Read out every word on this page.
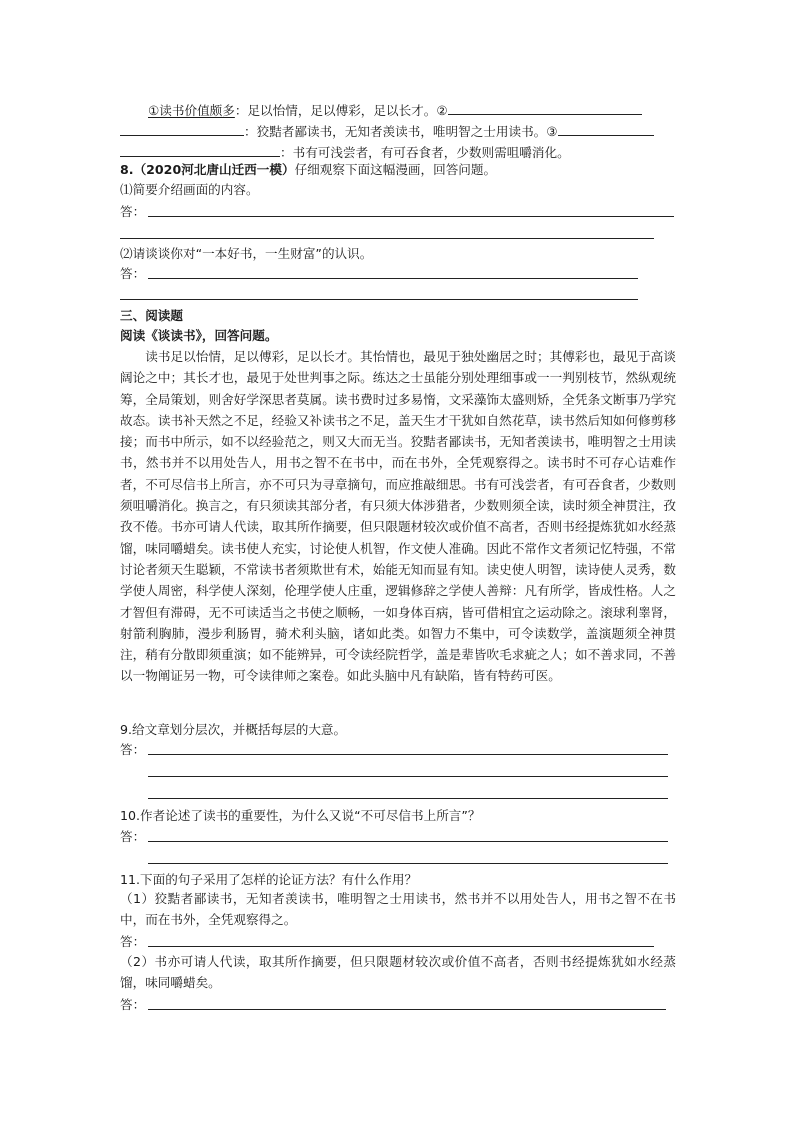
①读书价值颇多：足以怡情，足以傅彩，足以长才。②
：狡黠者鄙读书，无知者羡读书，唯明智之士用读书。③
：书有可浅尝者，有可吞食者，少数则需咀嚼消化。
8.（2020河北唐山迁西一模）仔细观察下面这幅漫画，回答问题。
⑴简要介绍画面的内容。
答：
⑵请谈谈你对“一本好书，一生财富”的认识。
答：
三、阅读题
阅读《谈读书》，回答问题。
读书足以怡情，足以傅彩，足以长才。其怡情也，最见于独处幽居之时；其傅彩也，最见于高谈阔论之中；其长才也，最见于处世判事之际。练达之士虽能分别处理细事或一一判别枝节，然纵观统筹，全局策划，则舍好学深思者莫属。读书费时过多易惰，文采藻饰太盛则矫，全凭条文断事乃学究故态。读书补天然之不足，经验又补读书之不足，盖天生才干犹如自然花草，读书然后知如何修剪移接；而书中所示，如不以经验范之，则又大而无当。狡黠者鄙读书，无知者羡读书，唯明智之士用读书，然书并不以用处告人，用书之智不在书中，而在书外，全凭观察得之。读书时不可存心诘难作者，不可尽信书上所言，亦不可只为寻章摘句，而应推敲细思。书有可浅尝者，有可吞食者，少数则须咀嚼消化。换言之，有只须读其部分者，有只须大体涉猎者，少数则须全读，读时须全神贯注，孜孜不倦。书亦可请人代读，取其所作摘要，但只限题材较次或价值不高者，否则书经提炼犹如水经蒸馏，味同嚼蜡矣。读书使人充实，讨论使人机智，作文使人准确。因此不常作文者须记忆特强，不常讨论者须天生聪颖，不常读书者须欺世有术，始能无知而显有知。读史使人明智，读诗使人灵秀，数学使人周密，科学使人深刻，伦理学使人庄重，逻辑修辞之学使人善辩：凡有所学，皆成性格。人之才智但有滞碍，无不可读适当之书使之顺畅，一如身体百病，皆可借相宜之运动除之。滚球利睾肾，射箭利胸肺，漫步利肠胃，骑术利头脑，诸如此类。如智力不集中，可令读数学，盖演题须全神贯注，稍有分散即须重演；如不能辨异，可令读经院哲学，盖是辈皆吹毛求疵之人；如不善求同，不善以一物阐证另一物，可令读律师之案卷。如此头脑中凡有缺陷，皆有特药可医。
9.给文章划分层次，并概括每层的大意。
答：
10.作者论述了读书的重要性，为什么又说“不可尽信书上所言”？
答：
11.下面的句子采用了怎样的论证方法？有什么作用？
（1）狡黠者鄙读书，无知者羡读书，唯明智之士用读书，然书并不以用处告人，用书之智不在书中，而在书外，全凭观察得之。
答：
（2）书亦可请人代读，取其所作摘要，但只限题材较次或价值不高者，否则书经提炼犹如水经蒸馏，味同嚼蜡矣。
答：
